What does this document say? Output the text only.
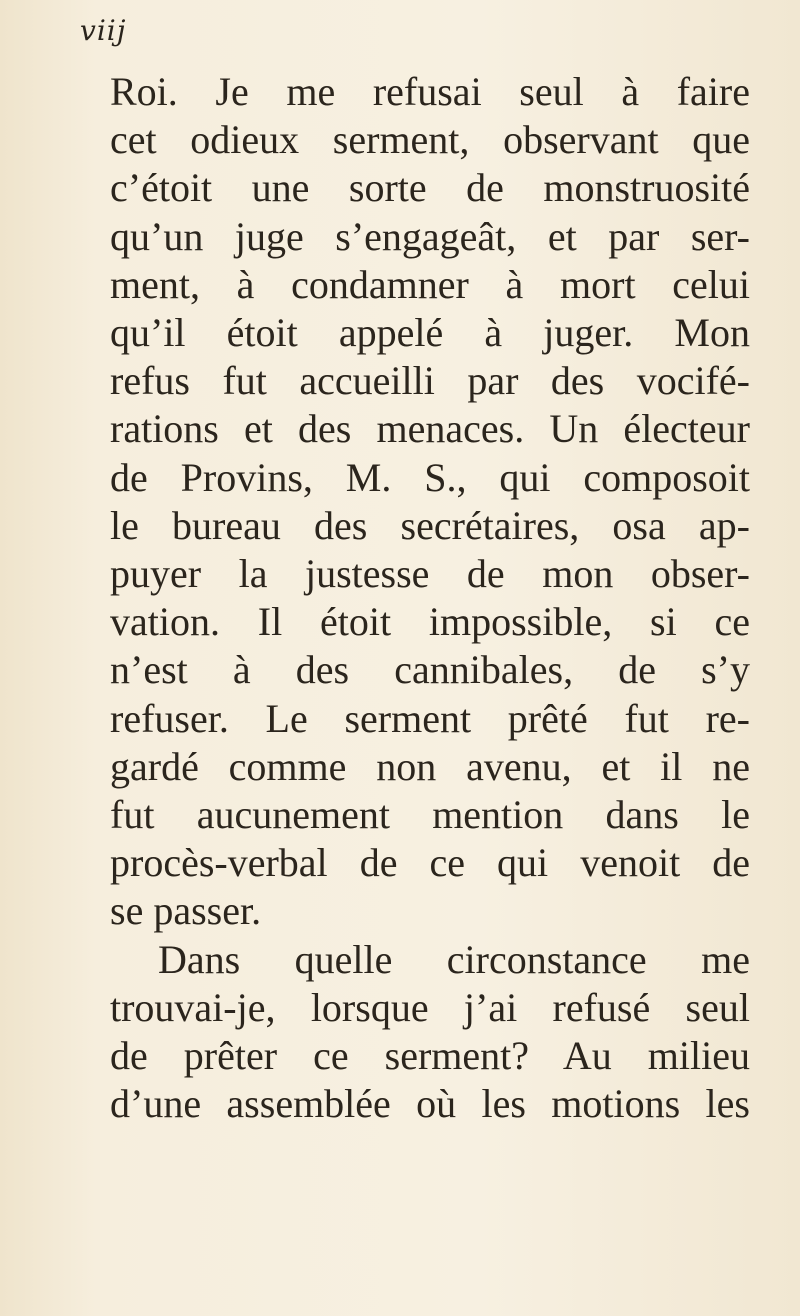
viij
Roi. Je me refusai seul à faire
cet odieux serment, observant que
c’étoit une sorte de monstruosité
qu’un juge s’engageât, et par ser-
ment, à condamner à mort celui
qu’il étoit appelé à juger. Mon
refus fut accueilli par des vocifé-
rations et des menaces. Un électeur
de Provins, M. S., qui composoit
le bureau des secrétaires, osa ap-
puyer la justesse de mon obser-
vation. Il étoit impossible, si ce
n’est à des cannibales, de s’y
refuser. Le serment prêté fut re-
gardé comme non avenu, et il ne
fut aucunement mention dans le
procès-verbal de ce qui venoit de
se passer.
Dans quelle circonstance me
trouvai-je, lorsque j’ai refusé seul
de prêter ce serment? Au milieu
d’une assemblée où les motions les
